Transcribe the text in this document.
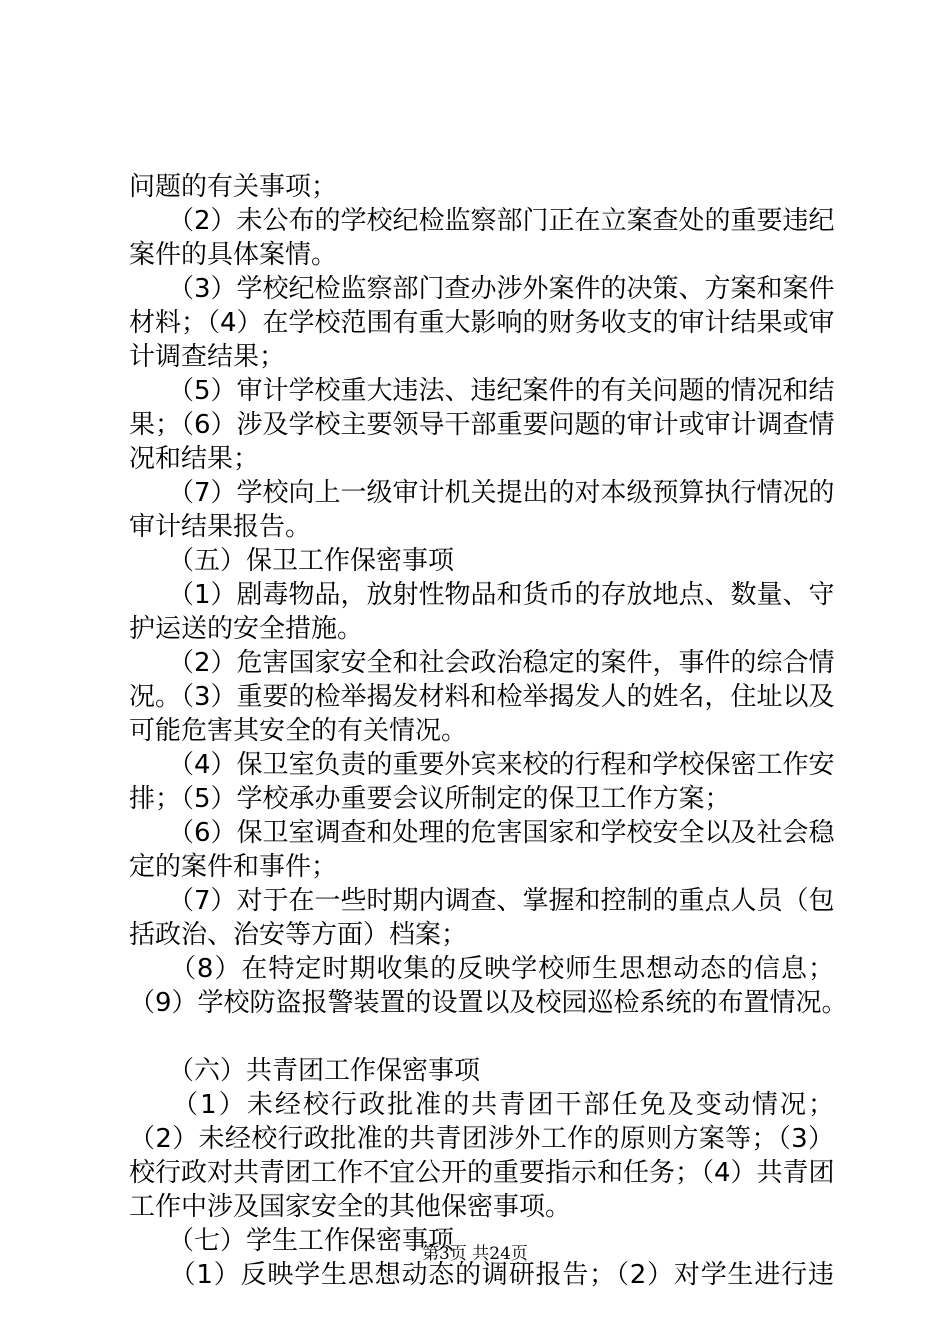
问题的有关事项；
　　（2）未公布的学校纪检监察部门正在立案查处的重要违纪
案件的具体案情。
　　（3）学校纪检监察部门查办涉外案件的决策、方案和案件
材料；（4）在学校范围有重大影响的财务收支的审计结果或审
计调查结果；
　　（5）审计学校重大违法、违纪案件的有关问题的情况和结
果；（6）涉及学校主要领导干部重要问题的审计或审计调查情
况和结果；
　　（7）学校向上一级审计机关提出的对本级预算执行情况的
审计结果报告。
　　（五）保卫工作保密事项
　　（1）剧毒物品，放射性物品和货币的存放地点、数量、守
护运送的安全措施。
　　（2）危害国家安全和社会政治稳定的案件，事件的综合情
况。（3）重要的检举揭发材料和检举揭发人的姓名，住址以及
可能危害其安全的有关情况。
　　（4）保卫室负责的重要外宾来校的行程和学校保密工作安
排；（5）学校承办重要会议所制定的保卫工作方案；
　　（6）保卫室调查和处理的危害国家和学校安全以及社会稳
定的案件和事件；
　　（7）对于在一些时期内调查、掌握和控制的重点人员（包
括政治、治安等方面）档案；
　　（8）在特定时期收集的反映学校师生思想动态的信息；
（9）学校防盗报警装置的设置以及校园巡检系统的布置情况。
　　（六）共青团工作保密事项
　　（1）未经校行政批准的共青团干部任免及变动情况；
（2）未经校行政批准的共青团涉外工作的原则方案等；（3）
校行政对共青团工作不宜公开的重要指示和任务；（4）共青团
工作中涉及国家安全的其他保密事项。
　　（七）学生工作保密事项
　　（1）反映学生思想动态的调研报告；（2）对学生进行违
第3页 共24页
